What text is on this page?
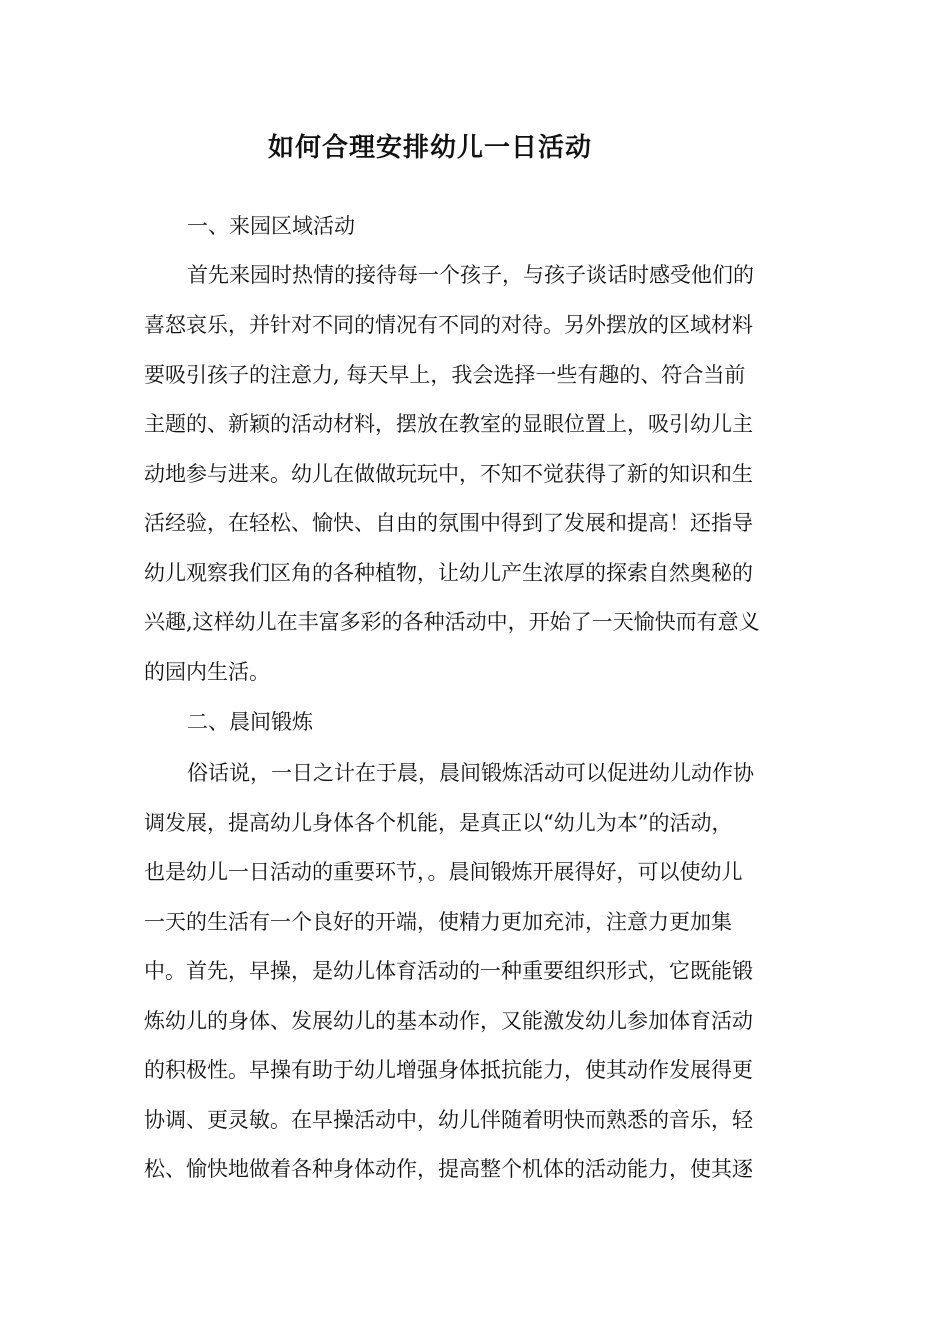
如何合理安排幼儿一日活动
一、来园区域活动
首先来园时热情的接待每一个孩子，与孩子谈话时感受他们的
喜怒哀乐，并针对不同的情况有不同的对待。另外摆放的区域材料
要吸引孩子的注意力, 每天早上，我会选择一些有趣的、符合当前
主题的、新颖的活动材料，摆放在教室的显眼位置上，吸引幼儿主
动地参与进来。幼儿在做做玩玩中，不知不觉获得了新的知识和生
活经验，在轻松、愉快、自由的氛围中得到了发展和提高！还指导
幼儿观察我们区角的各种植物，让幼儿产生浓厚的探索自然奥秘的
兴趣,这样幼儿在丰富多彩的各种活动中，开始了一天愉快而有意义
的园内生活。
二、晨间锻炼
俗话说，一日之计在于晨，晨间锻炼活动可以促进幼儿动作协
调发展，提高幼儿身体各个机能，是真正以“幼儿为本”的活动，
也是幼儿一日活动的重要环节，。晨间锻炼开展得好，可以使幼儿
一天的生活有一个良好的开端，使精力更加充沛，注意力更加集
中。首先，早操，是幼儿体育活动的一种重要组织形式，它既能锻
炼幼儿的身体、发展幼儿的基本动作，又能激发幼儿参加体育活动
的积极性。早操有助于幼儿增强身体抵抗能力，使其动作发展得更
协调、更灵敏。在早操活动中，幼儿伴随着明快而熟悉的音乐，轻
松、愉快地做着各种身体动作，提高整个机体的活动能力，使其逐
